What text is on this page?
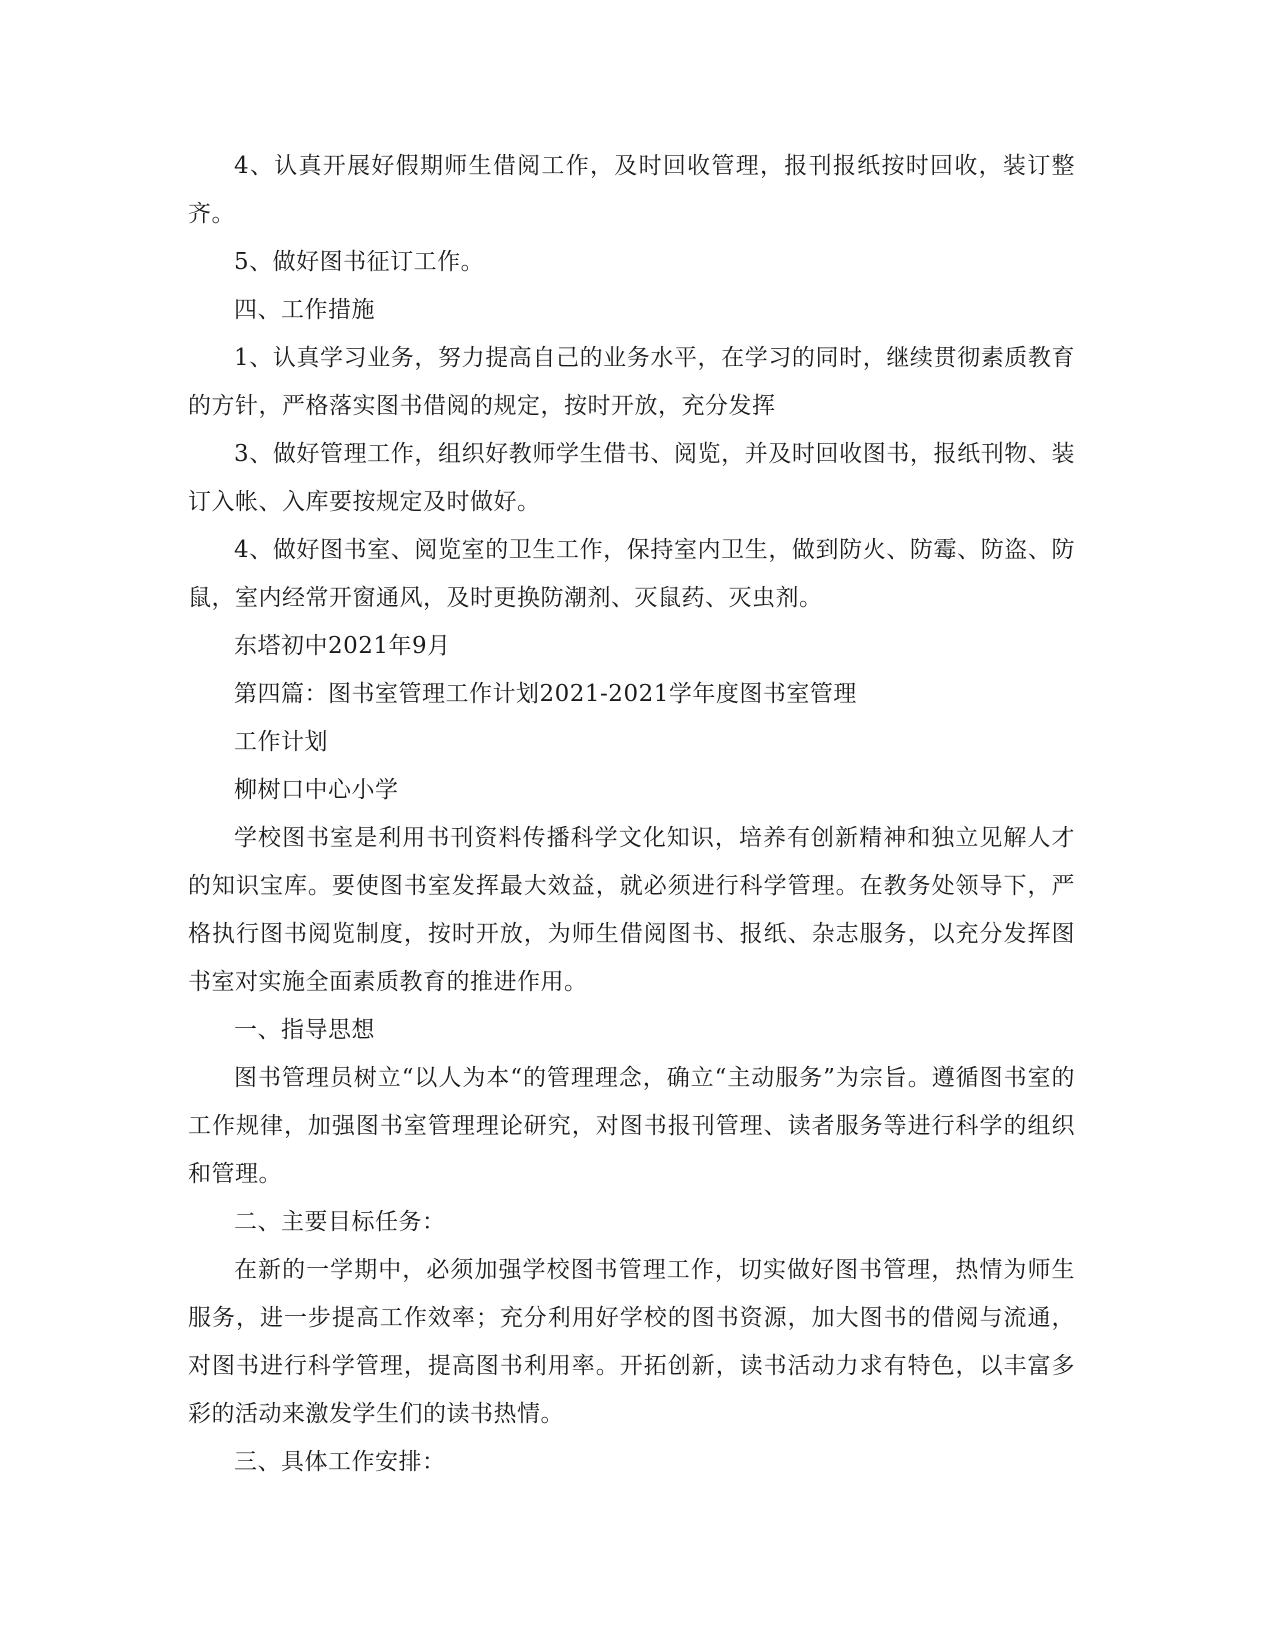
4、认真开展好假期师生借阅工作，及时回收管理，报刊报纸按时回收，装订整齐。

5、做好图书征订工作。

四、工作措施

1、认真学习业务，努力提高自己的业务水平，在学习的同时，继续贯彻素质教育的方针，严格落实图书借阅的规定，按时开放，充分发挥

3、做好管理工作，组织好教师学生借书、阅览，并及时回收图书，报纸刊物、装订入帐、入库要按规定及时做好。

4、做好图书室、阅览室的卫生工作，保持室内卫生，做到防火、防霉、防盗、防鼠，室内经常开窗通风，及时更换防潮剂、灭鼠药、灭虫剂。

东塔初中2021年9月

第四篇：图书室管理工作计划2021-2021学年度图书室管理

工作计划

柳树口中心小学

学校图书室是利用书刊资料传播科学文化知识，培养有创新精神和独立见解人才的知识宝库。要使图书室发挥最大效益，就必须进行科学管理。在教务处领导下，严格执行图书阅览制度，按时开放，为师生借阅图书、报纸、杂志服务，以充分发挥图书室对实施全面素质教育的推进作用。

一、指导思想

图书管理员树立“以人为本“的管理理念，确立“主动服务”为宗旨。遵循图书室的工作规律，加强图书室管理理论研究，对图书报刊管理、读者服务等进行科学的组织和管理。

二、主要目标任务：

在新的一学期中，必须加强学校图书管理工作，切实做好图书管理，热情为师生服务，进一步提高工作效率；充分利用好学校的图书资源，加大图书的借阅与流通，对图书进行科学管理，提高图书利用率。开拓创新，读书活动力求有特色，以丰富多彩的活动来激发学生们的读书热情。

三、具体工作安排：
